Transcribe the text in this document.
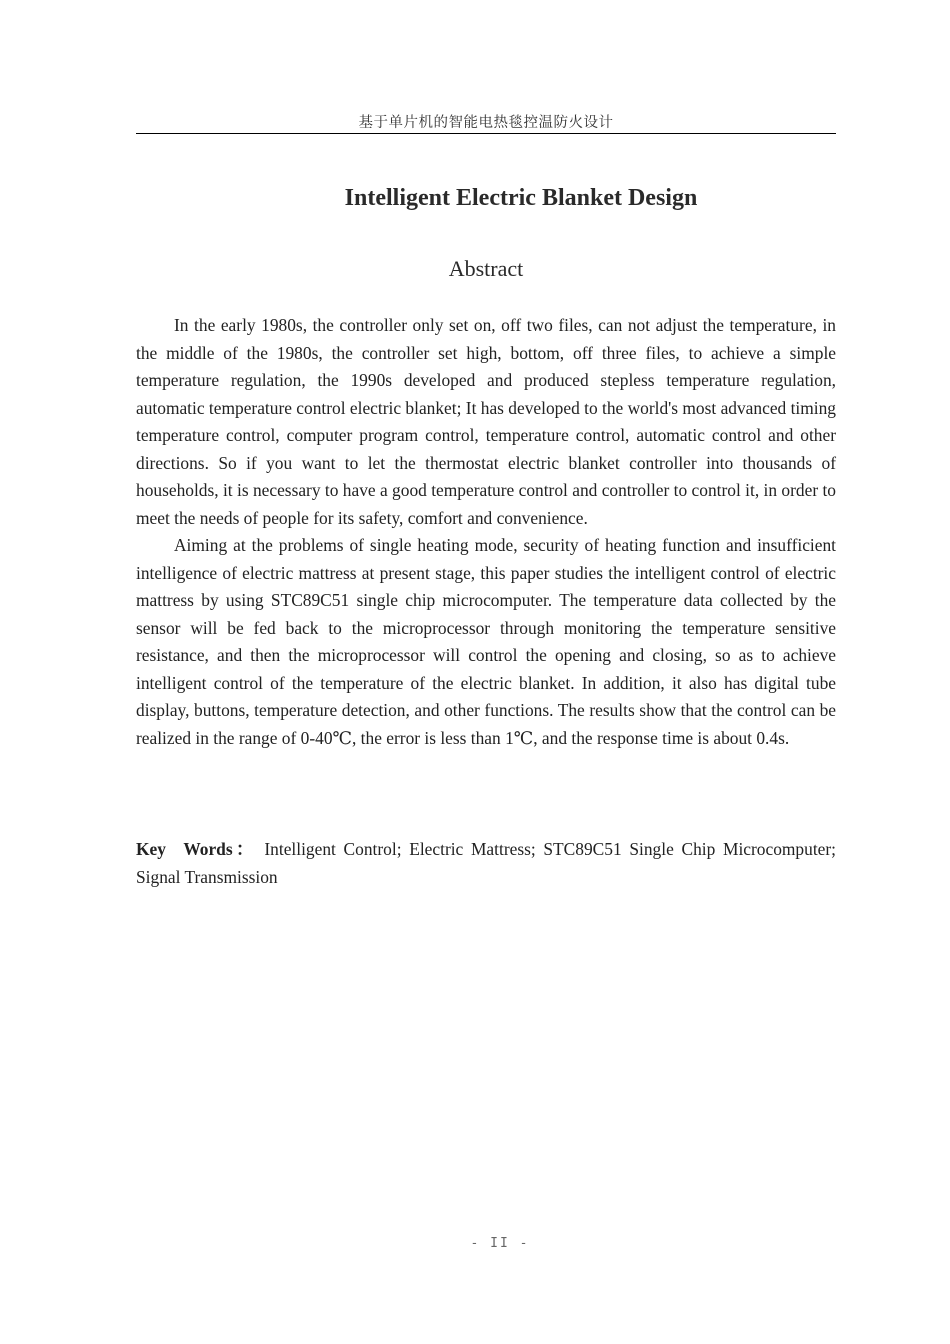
基于单片机的智能电热毯控温防火设计
Intelligent Electric Blanket Design
Abstract

In the early 1980s, the controller only set on, off two files, can not adjust the temperature, in the middle of the 1980s, the controller set high, bottom, off three files, to achieve a simple temperature regulation, the 1990s developed and produced stepless temperature regulation, automatic temperature control electric blanket; It has developed to the world's most advanced timing temperature control, computer program control, temperature control, automatic control and other directions. So if you want to let the thermostat electric blanket controller into thousands of households, it is necessary to have a good temperature control and controller to control it, in order to meet the needs of people for its safety, comfort and convenience.

Aiming at the problems of single heating mode, security of heating function and insufficient intelligence of electric mattress at present stage, this paper studies the intelligent control of electric mattress by using STC89C51 single chip microcomputer. The temperature data collected by the sensor will be fed back to the microprocessor through monitoring the temperature sensitive resistance, and then the microprocessor will control the opening and closing, so as to achieve intelligent control of the temperature of the electric blanket. In addition, it also has digital tube display, buttons, temperature detection, and other functions. The results show that the control can be realized in the range of 0-40℃, the error is less than 1℃, and the response time is about 0.4s.

Key Words： Intelligent Control; Electric Mattress; STC89C51 Single Chip Microcomputer; Signal Transmission
- II -
